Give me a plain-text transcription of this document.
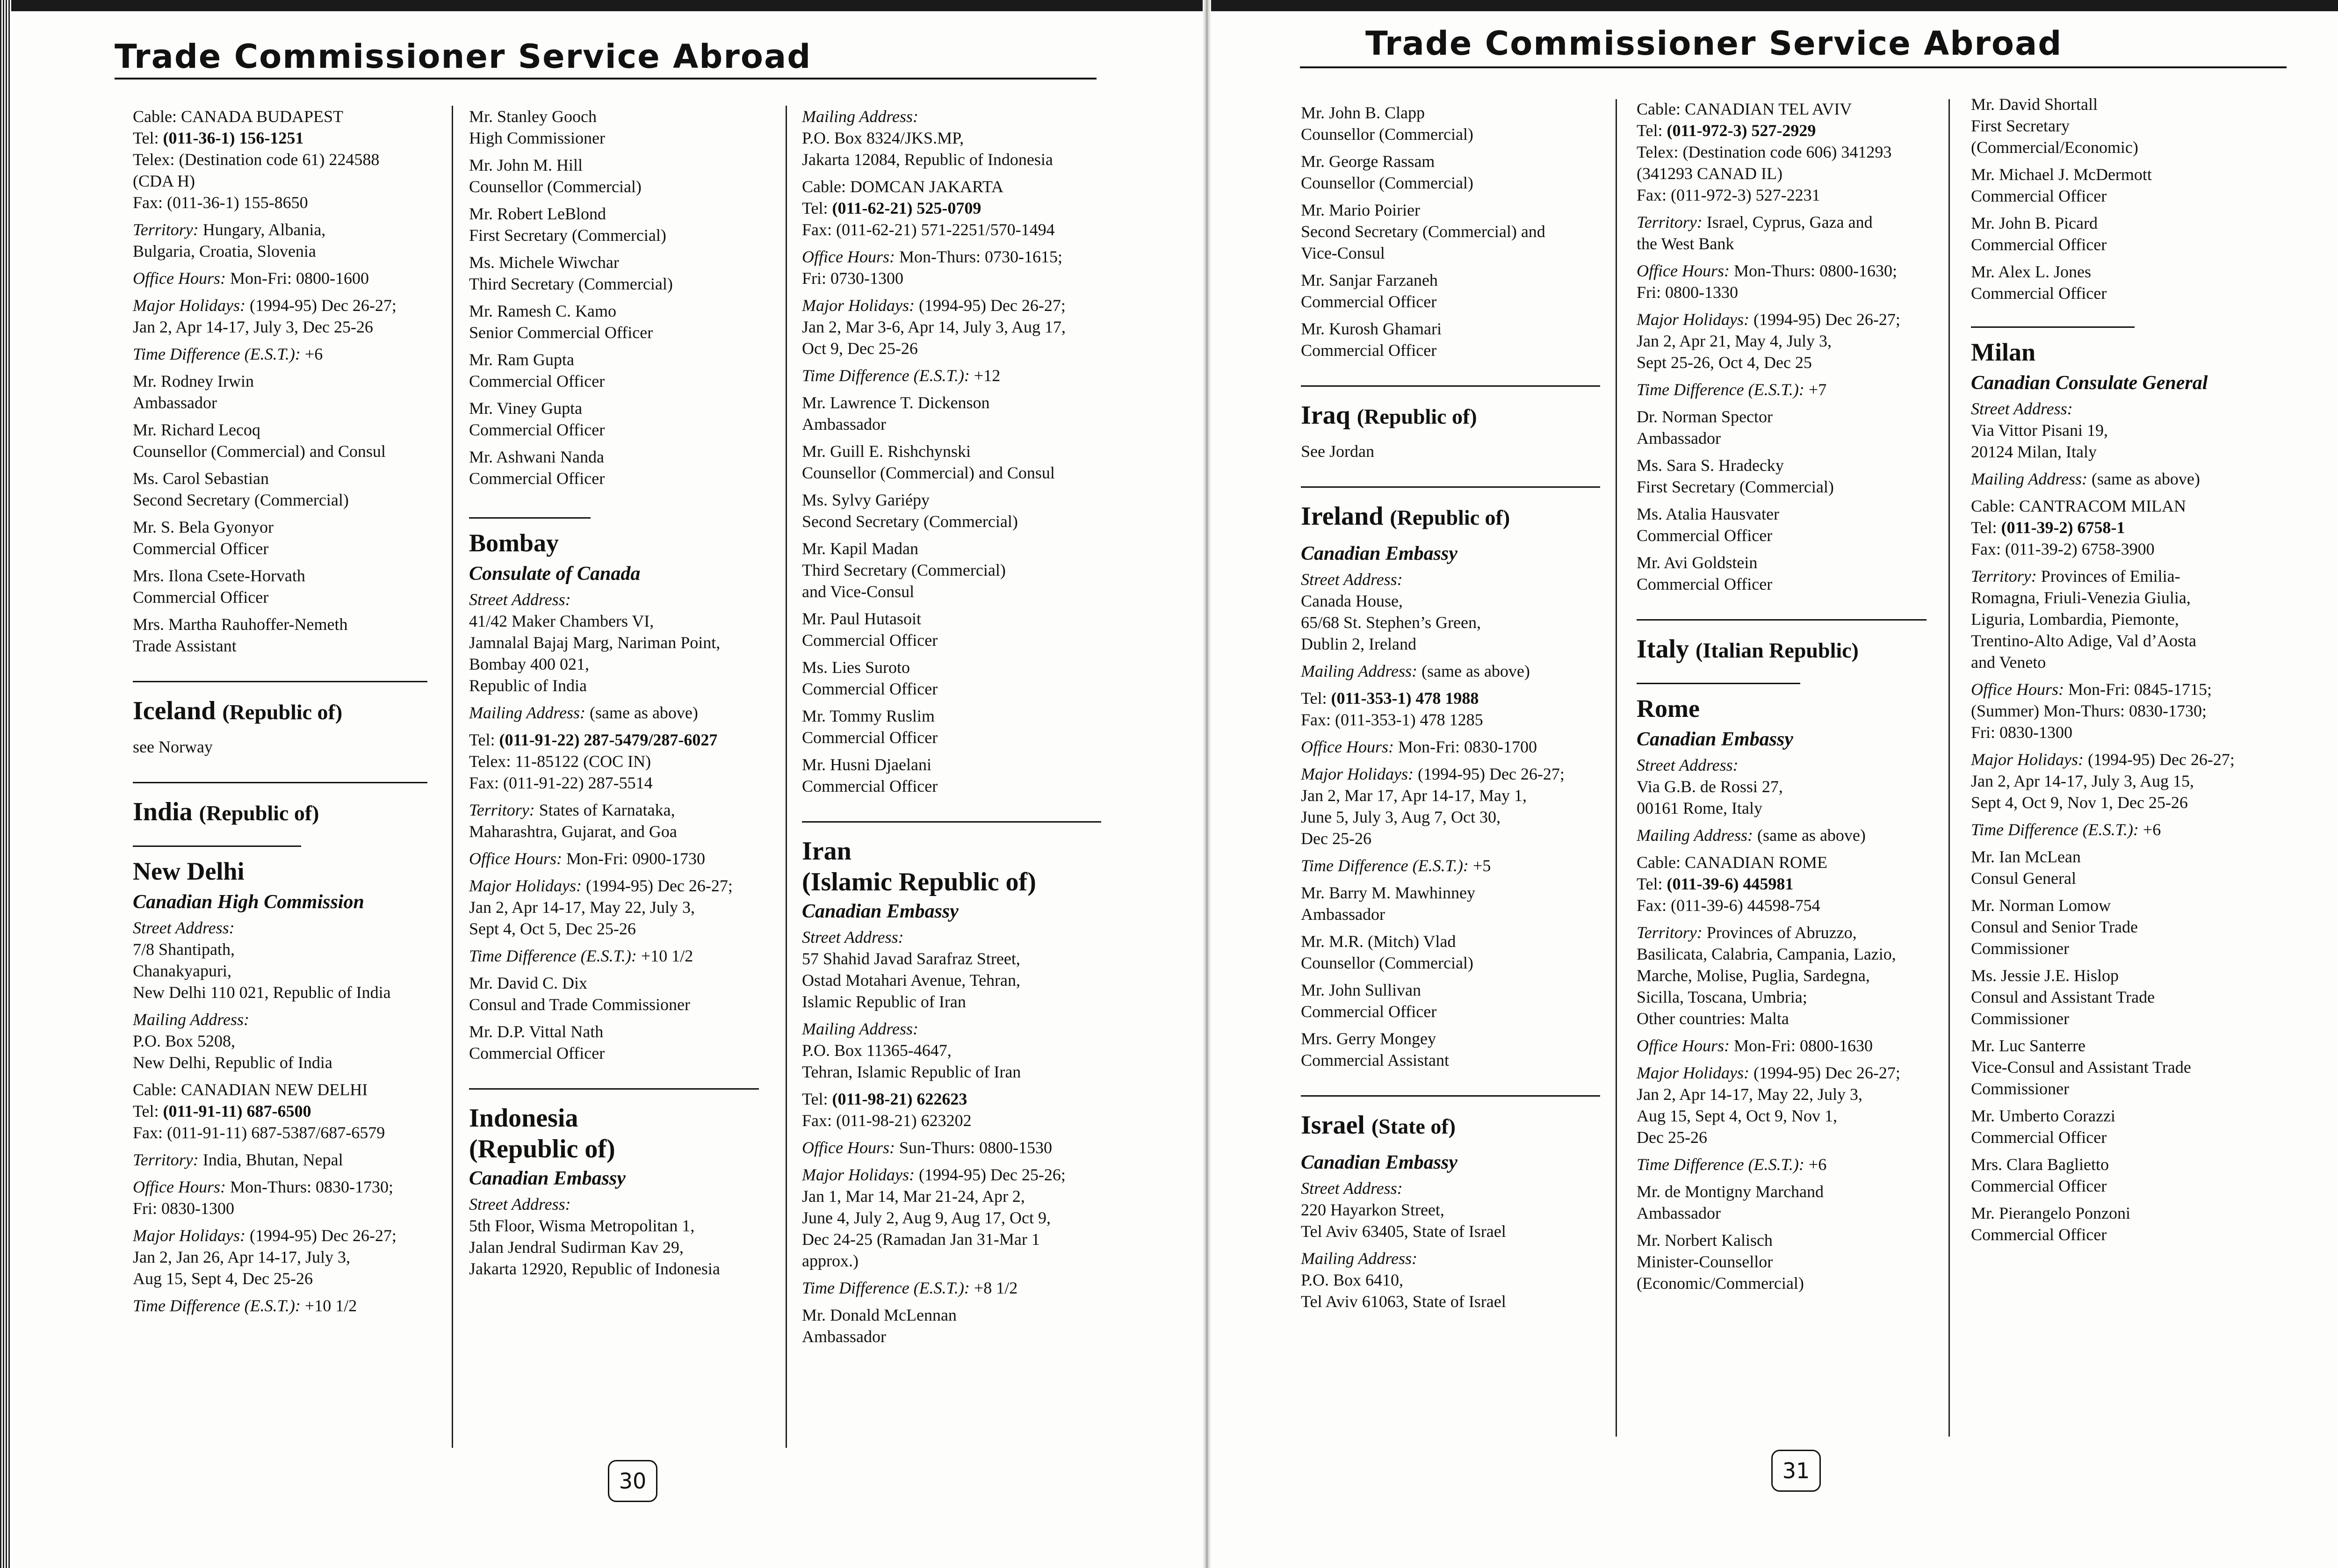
Trade Commissioner Service Abroad
Cable: CANADA BUDAPEST
Tel: (011-36-1) 156-1251
Telex: (Destination code 61) 224588
(CDA H)
Fax: (011-36-1) 155-8650
Territory: Hungary, Albania,
Bulgaria, Croatia, Slovenia
Office Hours: Mon-Fri: 0800-1600
Major Holidays: (1994-95) Dec 26-27;
Jan 2, Apr 14-17, July 3, Dec 25-26
Time Difference (E.S.T.): +6
Mr. Rodney Irwin
Ambassador
Mr. Richard Lecoq
Counsellor (Commercial) and Consul
Ms. Carol Sebastian
Second Secretary (Commercial)
Mr. S. Bela Gyonyor
Commercial Officer
Mrs. Ilona Csete-Horvath
Commercial Officer
Mrs. Martha Rauhoffer-Nemeth
Trade Assistant
Iceland (Republic of)
see Norway
India (Republic of)
New Delhi
Canadian High Commission
Street Address:
7/8 Shantipath,
Chanakyapuri,
New Delhi 110 021, Republic of India
Mailing Address:
P.O. Box 5208,
New Delhi, Republic of India
Cable: CANADIAN NEW DELHI
Tel: (011-91-11) 687-6500
Fax: (011-91-11) 687-5387/687-6579
Territory: India, Bhutan, Nepal
Office Hours: Mon-Thurs: 0830-1730;
Fri: 0830-1300
Major Holidays: (1994-95) Dec 26-27;
Jan 2, Jan 26, Apr 14-17, July 3,
Aug 15, Sept 4, Dec 25-26
Time Difference (E.S.T.): +10 1/2
Mr. Stanley Gooch
High Commissioner
Mr. John M. Hill
Counsellor (Commercial)
Mr. Robert LeBlond
First Secretary (Commercial)
Ms. Michele Wiwchar
Third Secretary (Commercial)
Mr. Ramesh C. Kamo
Senior Commercial Officer
Mr. Ram Gupta
Commercial Officer
Mr. Viney Gupta
Commercial Officer
Mr. Ashwani Nanda
Commercial Officer
Bombay
Consulate of Canada
Street Address:
41/42 Maker Chambers VI,
Jamnalal Bajaj Marg, Nariman Point,
Bombay 400 021,
Republic of India
Mailing Address: (same as above)
Tel: (011-91-22) 287-5479/287-6027
Telex: 11-85122 (COC IN)
Fax: (011-91-22) 287-5514
Territory: States of Karnataka,
Maharashtra, Gujarat, and Goa
Office Hours: Mon-Fri: 0900-1730
Major Holidays: (1994-95) Dec 26-27;
Jan 2, Apr 14-17, May 22, July 3,
Sept 4, Oct 5, Dec 25-26
Time Difference (E.S.T.): +10 1/2
Mr. David C. Dix
Consul and Trade Commissioner
Mr. D.P. Vittal Nath
Commercial Officer
Indonesia
(Republic of)
Canadian Embassy
Street Address:
5th Floor, Wisma Metropolitan 1,
Jalan Jendral Sudirman Kav 29,
Jakarta 12920, Republic of Indonesia
Mailing Address:
P.O. Box 8324/JKS.MP,
Jakarta 12084, Republic of Indonesia
Cable: DOMCAN JAKARTA
Tel: (011-62-21) 525-0709
Fax: (011-62-21) 571-2251/570-1494
Office Hours: Mon-Thurs: 0730-1615;
Fri: 0730-1300
Major Holidays: (1994-95) Dec 26-27;
Jan 2, Mar 3-6, Apr 14, July 3, Aug 17,
Oct 9, Dec 25-26
Time Difference (E.S.T.): +12
Mr. Lawrence T. Dickenson
Ambassador
Mr. Guill E. Rishchynski
Counsellor (Commercial) and Consul
Ms. Sylvy Gariépy
Second Secretary (Commercial)
Mr. Kapil Madan
Third Secretary (Commercial)
and Vice-Consul
Mr. Paul Hutasoit
Commercial Officer
Ms. Lies Suroto
Commercial Officer
Mr. Tommy Ruslim
Commercial Officer
Mr. Husni Djaelani
Commercial Officer
Iran
(Islamic Republic of)
Canadian Embassy
Street Address:
57 Shahid Javad Sarafraz Street,
Ostad Motahari Avenue, Tehran,
Islamic Republic of Iran
Mailing Address:
P.O. Box 11365-4647,
Tehran, Islamic Republic of Iran
Tel: (011-98-21) 622623
Fax: (011-98-21) 623202
Office Hours: Sun-Thurs: 0800-1530
Major Holidays: (1994-95) Dec 25-26;
Jan 1, Mar 14, Mar 21-24, Apr 2,
June 4, July 2, Aug 9, Aug 17, Oct 9,
Dec 24-25 (Ramadan Jan 31-Mar 1
approx.)
Time Difference (E.S.T.): +8 1/2
Mr. Donald McLennan
Ambassador
30
Trade Commissioner Service Abroad
Mr. John B. Clapp
Counsellor (Commercial)
Mr. George Rassam
Counsellor (Commercial)
Mr. Mario Poirier
Second Secretary (Commercial) and
Vice-Consul
Mr. Sanjar Farzaneh
Commercial Officer
Mr. Kurosh Ghamari
Commercial Officer
Iraq (Republic of)
See Jordan
Ireland (Republic of)
Canadian Embassy
Street Address:
Canada House,
65/68 St. Stephen’s Green,
Dublin 2, Ireland
Mailing Address: (same as above)
Tel: (011-353-1) 478 1988
Fax: (011-353-1) 478 1285
Office Hours: Mon-Fri: 0830-1700
Major Holidays: (1994-95) Dec 26-27;
Jan 2, Mar 17, Apr 14-17, May 1,
June 5, July 3, Aug 7, Oct 30,
Dec 25-26
Time Difference (E.S.T.): +5
Mr. Barry M. Mawhinney
Ambassador
Mr. M.R. (Mitch) Vlad
Counsellor (Commercial)
Mr. John Sullivan
Commercial Officer
Mrs. Gerry Mongey
Commercial Assistant
Israel (State of)
Canadian Embassy
Street Address:
220 Hayarkon Street,
Tel Aviv 63405, State of Israel
Mailing Address:
P.O. Box 6410,
Tel Aviv 61063, State of Israel
Cable: CANADIAN TEL AVIV
Tel: (011-972-3) 527-2929
Telex: (Destination code 606) 341293
(341293 CANAD IL)
Fax: (011-972-3) 527-2231
Territory: Israel, Cyprus, Gaza and
the West Bank
Office Hours: Mon-Thurs: 0800-1630;
Fri: 0800-1330
Major Holidays: (1994-95) Dec 26-27;
Jan 2, Apr 21, May 4, July 3,
Sept 25-26, Oct 4, Dec 25
Time Difference (E.S.T.): +7
Dr. Norman Spector
Ambassador
Ms. Sara S. Hradecky
First Secretary (Commercial)
Ms. Atalia Hausvater
Commercial Officer
Mr. Avi Goldstein
Commercial Officer
Italy (Italian Republic)
Rome
Canadian Embassy
Street Address:
Via G.B. de Rossi 27,
00161 Rome, Italy
Mailing Address: (same as above)
Cable: CANADIAN ROME
Tel: (011-39-6) 445981
Fax: (011-39-6) 44598-754
Territory: Provinces of Abruzzo,
Basilicata, Calabria, Campania, Lazio,
Marche, Molise, Puglia, Sardegna,
Sicilla, Toscana, Umbria;
Other countries: Malta
Office Hours: Mon-Fri: 0800-1630
Major Holidays: (1994-95) Dec 26-27;
Jan 2, Apr 14-17, May 22, July 3,
Aug 15, Sept 4, Oct 9, Nov 1,
Dec 25-26
Time Difference (E.S.T.): +6
Mr. de Montigny Marchand
Ambassador
Mr. Norbert Kalisch
Minister-Counsellor
(Economic/Commercial)
Mr. David Shortall
First Secretary
(Commercial/Economic)
Mr. Michael J. McDermott
Commercial Officer
Mr. John B. Picard
Commercial Officer
Mr. Alex L. Jones
Commercial Officer
Milan
Canadian Consulate General
Street Address:
Via Vittor Pisani 19,
20124 Milan, Italy
Mailing Address: (same as above)
Cable: CANTRACOM MILAN
Tel: (011-39-2) 6758-1
Fax: (011-39-2) 6758-3900
Territory: Provinces of Emilia-
Romagna, Friuli-Venezia Giulia,
Liguria, Lombardia, Piemonte,
Trentino-Alto Adige, Val d’Aosta
and Veneto
Office Hours: Mon-Fri: 0845-1715;
(Summer) Mon-Thurs: 0830-1730;
Fri: 0830-1300
Major Holidays: (1994-95) Dec 26-27;
Jan 2, Apr 14-17, July 3, Aug 15,
Sept 4, Oct 9, Nov 1, Dec 25-26
Time Difference (E.S.T.): +6
Mr. Ian McLean
Consul General
Mr. Norman Lomow
Consul and Senior Trade
Commissioner
Ms. Jessie J.E. Hislop
Consul and Assistant Trade
Commissioner
Mr. Luc Santerre
Vice-Consul and Assistant Trade
Commissioner
Mr. Umberto Corazzi
Commercial Officer
Mrs. Clara Baglietto
Commercial Officer
Mr. Pierangelo Ponzoni
Commercial Officer
31
